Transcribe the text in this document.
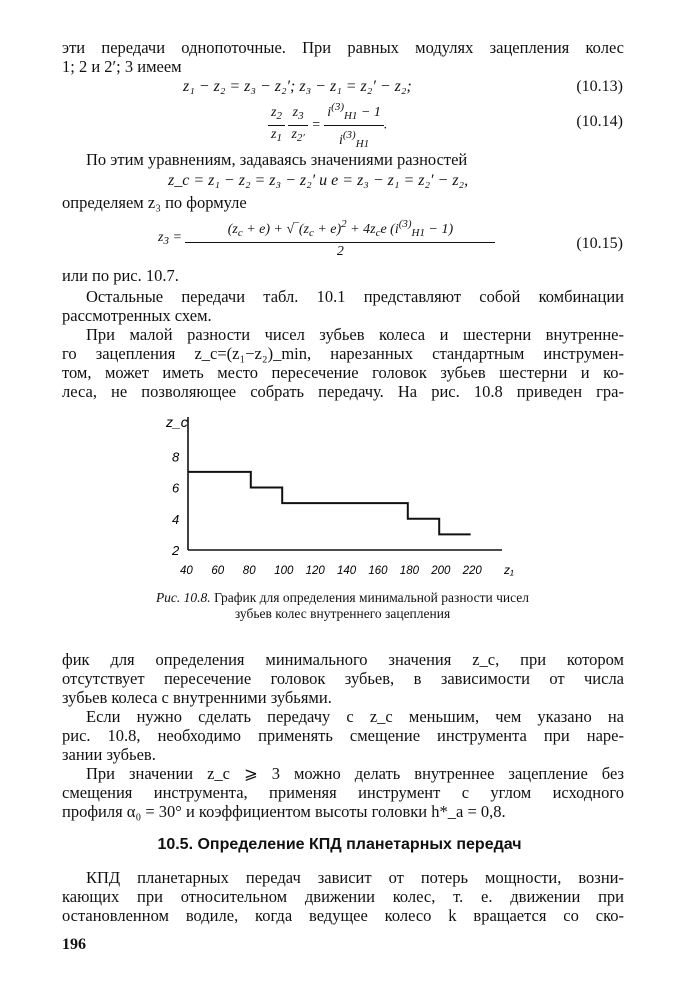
эти передачи однопоточные. При равных модулях зацепления колес
1; 2 и 2′; 3 имеем
z₁ − z₂ = z₃ − z₂′; z₃ − z₁ = z₂′ − z₂;	(10.13)
$\frac{z_2}{z_1}$
$\frac{z_3}{z_{2'}} = \frac{i^{(3)}_{H1} - 1}{i^{(3)}_{H1}}$ .	(10.14)
По этим уравнениям, задаваясь значениями разностей
z_c = z₁ − z₂ = z₃ − z₂′ и e = z₃ − z₁ = z₂′ − z₂,
определяем z₃ по формуле
$z_3 = \frac{(z_c + e) + √‾(z_c + e)^2 + 4z_ce (i^{(3)}_{H1} - 1)}{2}$	(10.15)
или по рис. 10.7.
Остальные передачи табл. 10.1 представляют собой комбинации
рассмотренных схем.
При малой разности чисел зубьев колеса и шестерни внутренне-
го зацепления z_c=(z₁−z₂)_min, нарезанных стандартным инструмен-
том, может иметь место пересечение головок зубьев шестерни и ко-
леса, не позволяющее собрать передачу. На рис. 10.8 приведен гра-
z_c
z₁
2
4
6
8
40 60 80 100 120 140 160 180 200 220
Рис. 10.8. График для определения минимальной разности чисел зубьев колес внутреннего зацепления
фик для определения минимального значения z_c, при котором
отсутствует пересечение головок зубьев, в зависимости от числа
зубьев колеса с внутренними зубьями.
Если нужно сделать передачу с z_c меньшим, чем указано на
рис. 10.8, необходимо применять смещение инструмента при наре-
зании зубьев.
При значении z_c ⩾ 3 можно делать внутреннее зацепление без
смещения инструмента, применяя инструмент с углом исходного
профиля α₀ = 30° и коэффициентом высоты головки h*_a = 0,8.
10.5. Определение КПД планетарных передач
КПД планетарных передач зависит от потерь мощности, возни-
кающих при относительном движении колес, т. е. движении при
остановленном водиле, когда ведущее колесо k вращается со ско-
196
